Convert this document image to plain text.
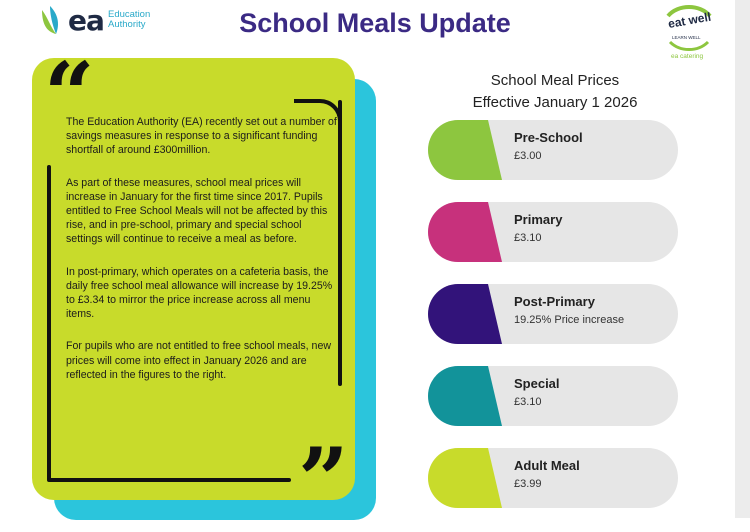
ea Education
Authority	School Meals Update	eat well
LEARN WELL
ea catering
“
”

The Education Authority (EA) recently set out a number of savings measures in response to a significant funding shortfall of around £300million.

As part of these measures, school meal prices will increase in January for the first time since 2017. Pupils entitled to Free School Meals will not be affected by this rise, and in pre-school, primary and special school settings will continue to receive a meal as before.

In post-primary, which operates on a cafeteria basis, the daily free school meal allowance will increase by 19.25% to £3.34 to mirror the price increase across all menu items.

For pupils who are not entitled to free school meals, new prices will come into effect in January 2026 and are reflected in the figures to the right.

School Meal Prices
Effective January 1 2026
Pre-School
£3.00
Primary
£3.10
Post-Primary
19.25% Price increase
Special
£3.10
Adult Meal
£3.99
